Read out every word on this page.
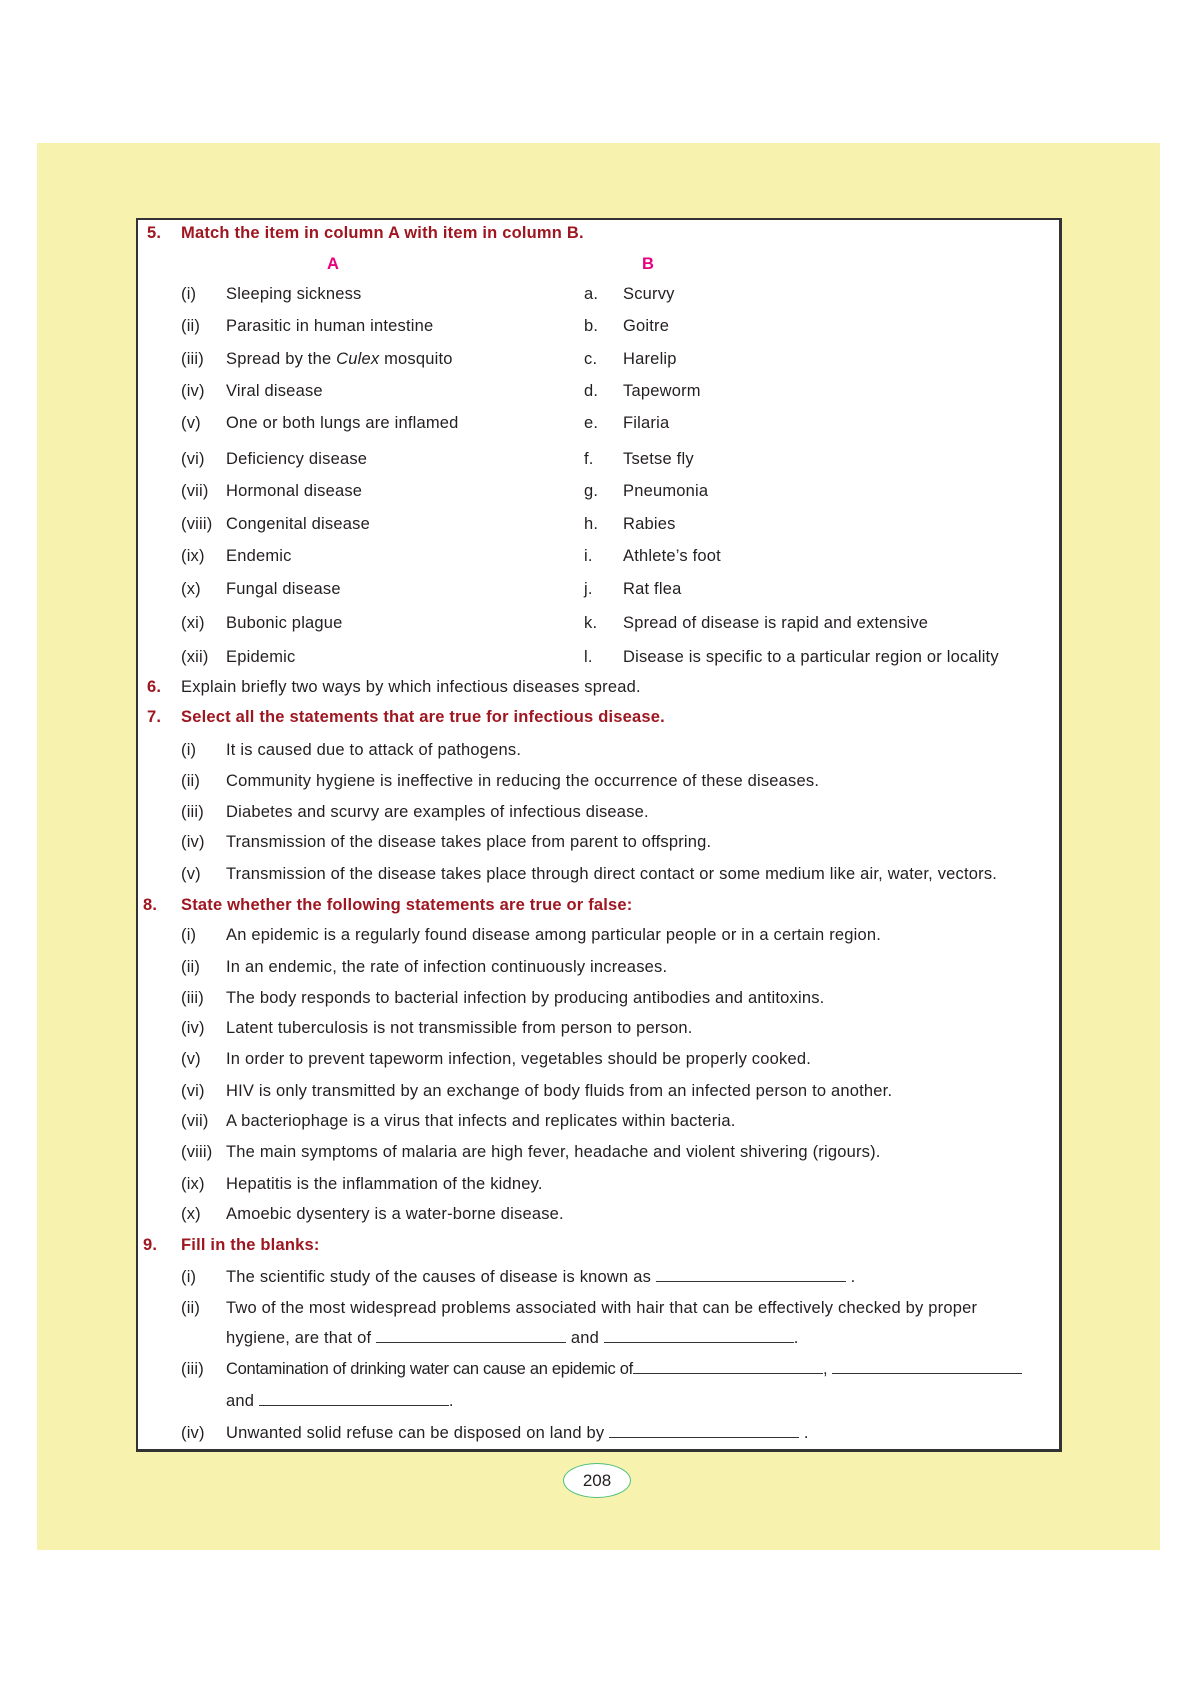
5. Match the item in column A with item in column B.
A	B
(i) Sleeping sickness	a. Scurvy
(ii) Parasitic in human intestine	b. Goitre
(iii) Spread by the Culex mosquito	c. Harelip
(iv) Viral disease	d. Tapeworm
(v) One or both lungs are inflamed	e. Filaria
(vi) Deficiency disease	f. Tsetse fly
(vii) Hormonal disease	g. Pneumonia
(viii) Congenital disease	h. Rabies
(ix) Endemic	i. Athlete’s foot
(x) Fungal disease	j. Rat flea
(xi) Bubonic plague	k. Spread of disease is rapid and extensive
(xii) Epidemic	l. Disease is specific to a particular region or locality
6. Explain briefly two ways by which infectious diseases spread.
7. Select all the statements that are true for infectious disease.
(i) It is caused due to attack of pathogens.
(ii) Community hygiene is ineffective in reducing the occurrence of these diseases.
(iii) Diabetes and scurvy are examples of infectious disease.
(iv) Transmission of the disease takes place from parent to offspring.
(v) Transmission of the disease takes place through direct contact or some medium like air, water, vectors.
8. State whether the following statements are true or false:
(i) An epidemic is a regularly found disease among particular people or in a certain region.
(ii) In an endemic, the rate of infection continuously increases.
(iii) The body responds to bacterial infection by producing antibodies and antitoxins.
(iv) Latent tuberculosis is not transmissible from person to person.
(v) In order to prevent tapeworm infection, vegetables should be properly cooked.
(vi) HIV is only transmitted by an exchange of body fluids from an infected person to another.
(vii) A bacteriophage is a virus that infects and replicates within bacteria.
(viii) The main symptoms of malaria are high fever, headache and violent shivering (rigours).
(ix) Hepatitis is the inflammation of the kidney.
(x) Amoebic dysentery is a water-borne disease.
9. Fill in the blanks:
(i) The scientific study of the causes of disease is known as	.
(ii) Two of the most widespread problems associated with hair that can be effectively checked by proper
hygiene, are that of	and	.
(iii) Contamination of drinking water can cause an epidemic of	,
and	.
(iv) Unwanted solid refuse can be disposed on land by	.
208
